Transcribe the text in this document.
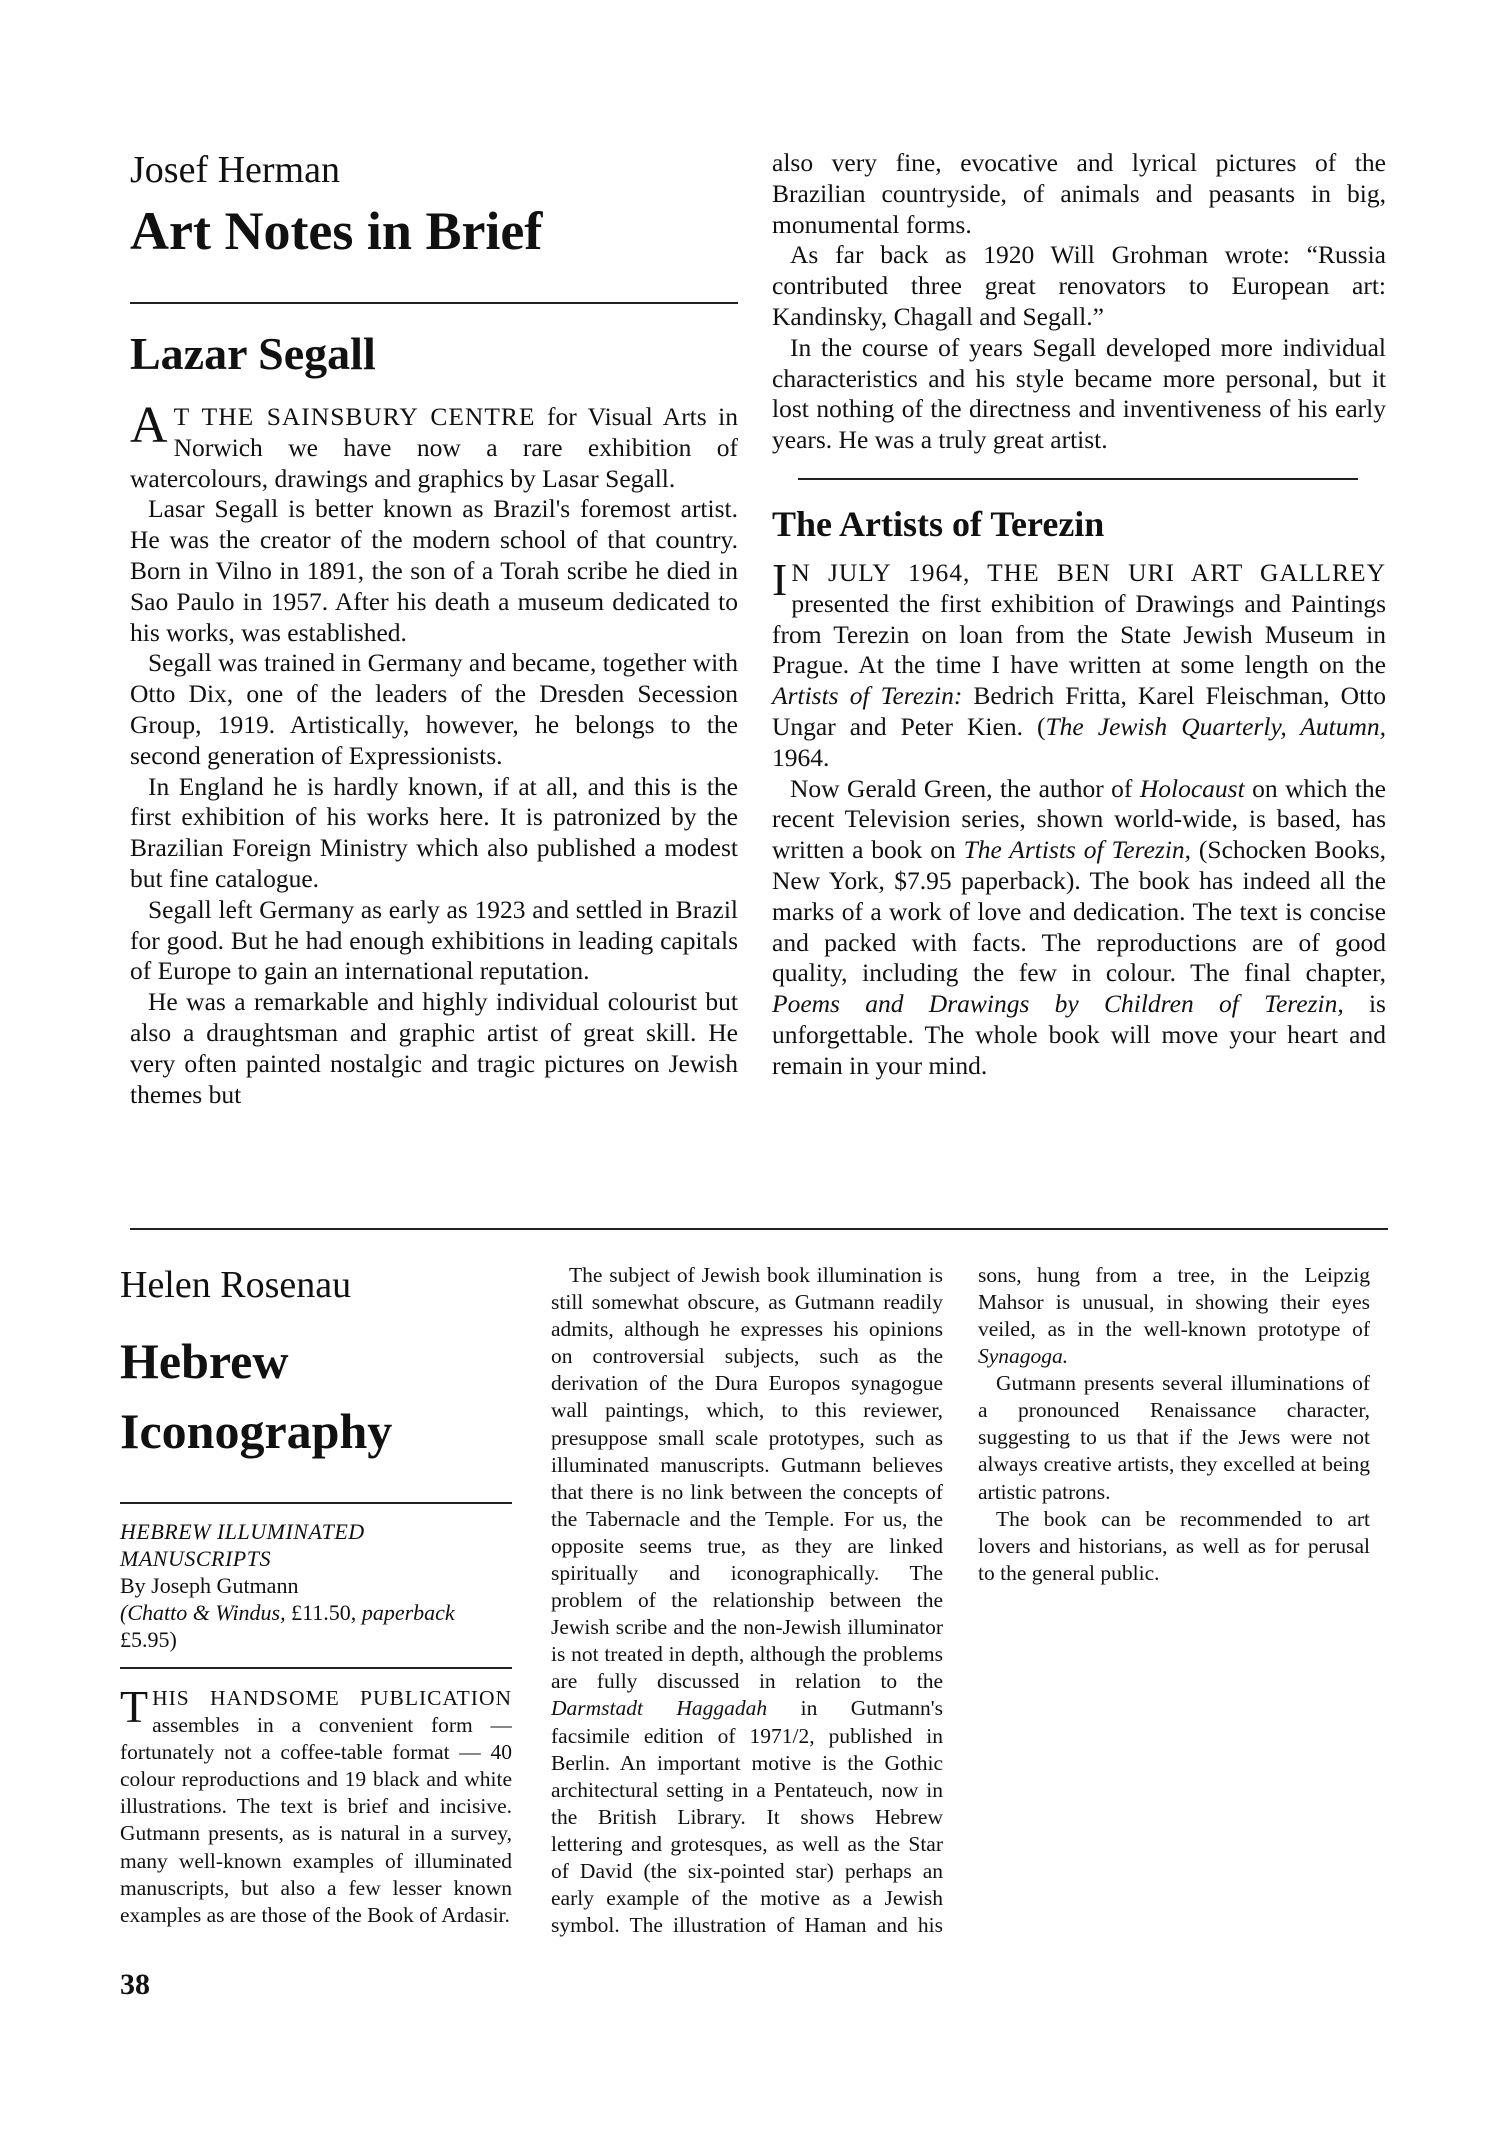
Josef Herman
Art Notes in Brief
Lazar Segall

A T THE SAINSBURY CENTRE for Visual Arts in Norwich we have now a rare exhibition of watercolours, drawings and graphics by Lasar Segall.

Lasar Segall is better known as Brazil's foremost artist. He was the creator of the modern school of that country. Born in Vilno in 1891, the son of a Torah scribe he died in Sao Paulo in 1957. After his death a museum dedicated to his works, was established.

Segall was trained in Germany and became, together with Otto Dix, one of the leaders of the Dresden Secession Group, 1919. Artistically, however, he belongs to the second generation of Expressionists.

In England he is hardly known, if at all, and this is the first exhibition of his works here. It is patronized by the Brazilian Foreign Ministry which also published a modest but fine catalogue.

Segall left Germany as early as 1923 and settled in Brazil for good. But he had enough exhibitions in leading capitals of Europe to gain an international reputation.

He was a remarkable and highly individual colourist but also a draughtsman and graphic artist of great skill. He very often painted nostalgic and tragic pictures on Jewish themes but

also very fine, evocative and lyrical pictures of the Brazilian countryside, of animals and peasants in big, monumental forms.

As far back as 1920 Will Grohman wrote: “Russia contributed three great renovators to European art: Kandinsky, Chagall and Segall.”

In the course of years Segall developed more individual characteristics and his style became more personal, but it lost nothing of the directness and inventiveness of his early years. He was a truly great artist.

The Artists of Terezin

I N JULY 1964, THE BEN URI ART GALLREY presented the first exhibition of Drawings and Paintings from Terezin on loan from the State Jewish Museum in Prague. At the time I have written at some length on the Artists of Terezin: Bedrich Fritta, Karel Fleischman, Otto Ungar and Peter Kien. (The Jewish Quarterly, Autumn, 1964.

Now Gerald Green, the author of Holocaust on which the recent Television series, shown world-wide, is based, has written a book on The Artists of Terezin, (Schocken Books, New York, $7.95 paperback). The book has indeed all the marks of a work of love and dedication. The text is concise and packed with facts. The reproductions are of good quality, including the few in colour. The final chapter, Poems and Drawings by Children of Terezin, is unforgettable. The whole book will move your heart and remain in your mind.

Helen Rosenau
Hebrew
Iconography
HEBREW ILLUMINATED MANUSCRIPTS
By Joseph Gutmann
(Chatto & Windus, £11.50, paperback £5.95)
38

THIS HANDSOME PUBLICATION assembles in a convenient form — fortunately not a coffee-table format — 40 colour reproductions and 19 black and white illustrations. The text is brief and incisive. Gutmann presents, as is natural in a survey, many well-known examples of illuminated manuscripts, but also a few lesser known examples as are those of the Book of Ardasir.

The subject of Jewish book illumination is still somewhat obscure, as Gutmann readily admits, although he expresses his opinions on controversial subjects, such as the derivation of the Dura Europos synagogue wall paintings, which, to this reviewer, presuppose small scale prototypes, such as illuminated manuscripts. Gutmann believes that there is no link between the concepts of the Tabernacle and the Temple. For us, the opposite seems true, as they are linked spiritually and iconographically. The problem of the relationship between the Jewish scribe and the non-Jewish illuminator is not treated in depth, although the problems are fully discussed in relation to the Darmstadt Haggadah in Gutmann's facsimile edition of 1971/2, published in Berlin. An important motive is the Gothic architectural setting in a Pentateuch, now in the British Library. It shows Hebrew lettering and grotesques, as well as the Star of David (the six-pointed star) perhaps an early example of the motive as a Jewish symbol. The illustration of Haman and his

sons, hung from a tree, in the Leipzig Mahsor is unusual, in showing their eyes veiled, as in the well-known prototype of Synagoga.

Gutmann presents several illuminations of a pronounced Renaissance character, suggesting to us that if the Jews were not always creative artists, they excelled at being artistic patrons.

The book can be recommended to art lovers and historians, as well as for perusal to the general public.
